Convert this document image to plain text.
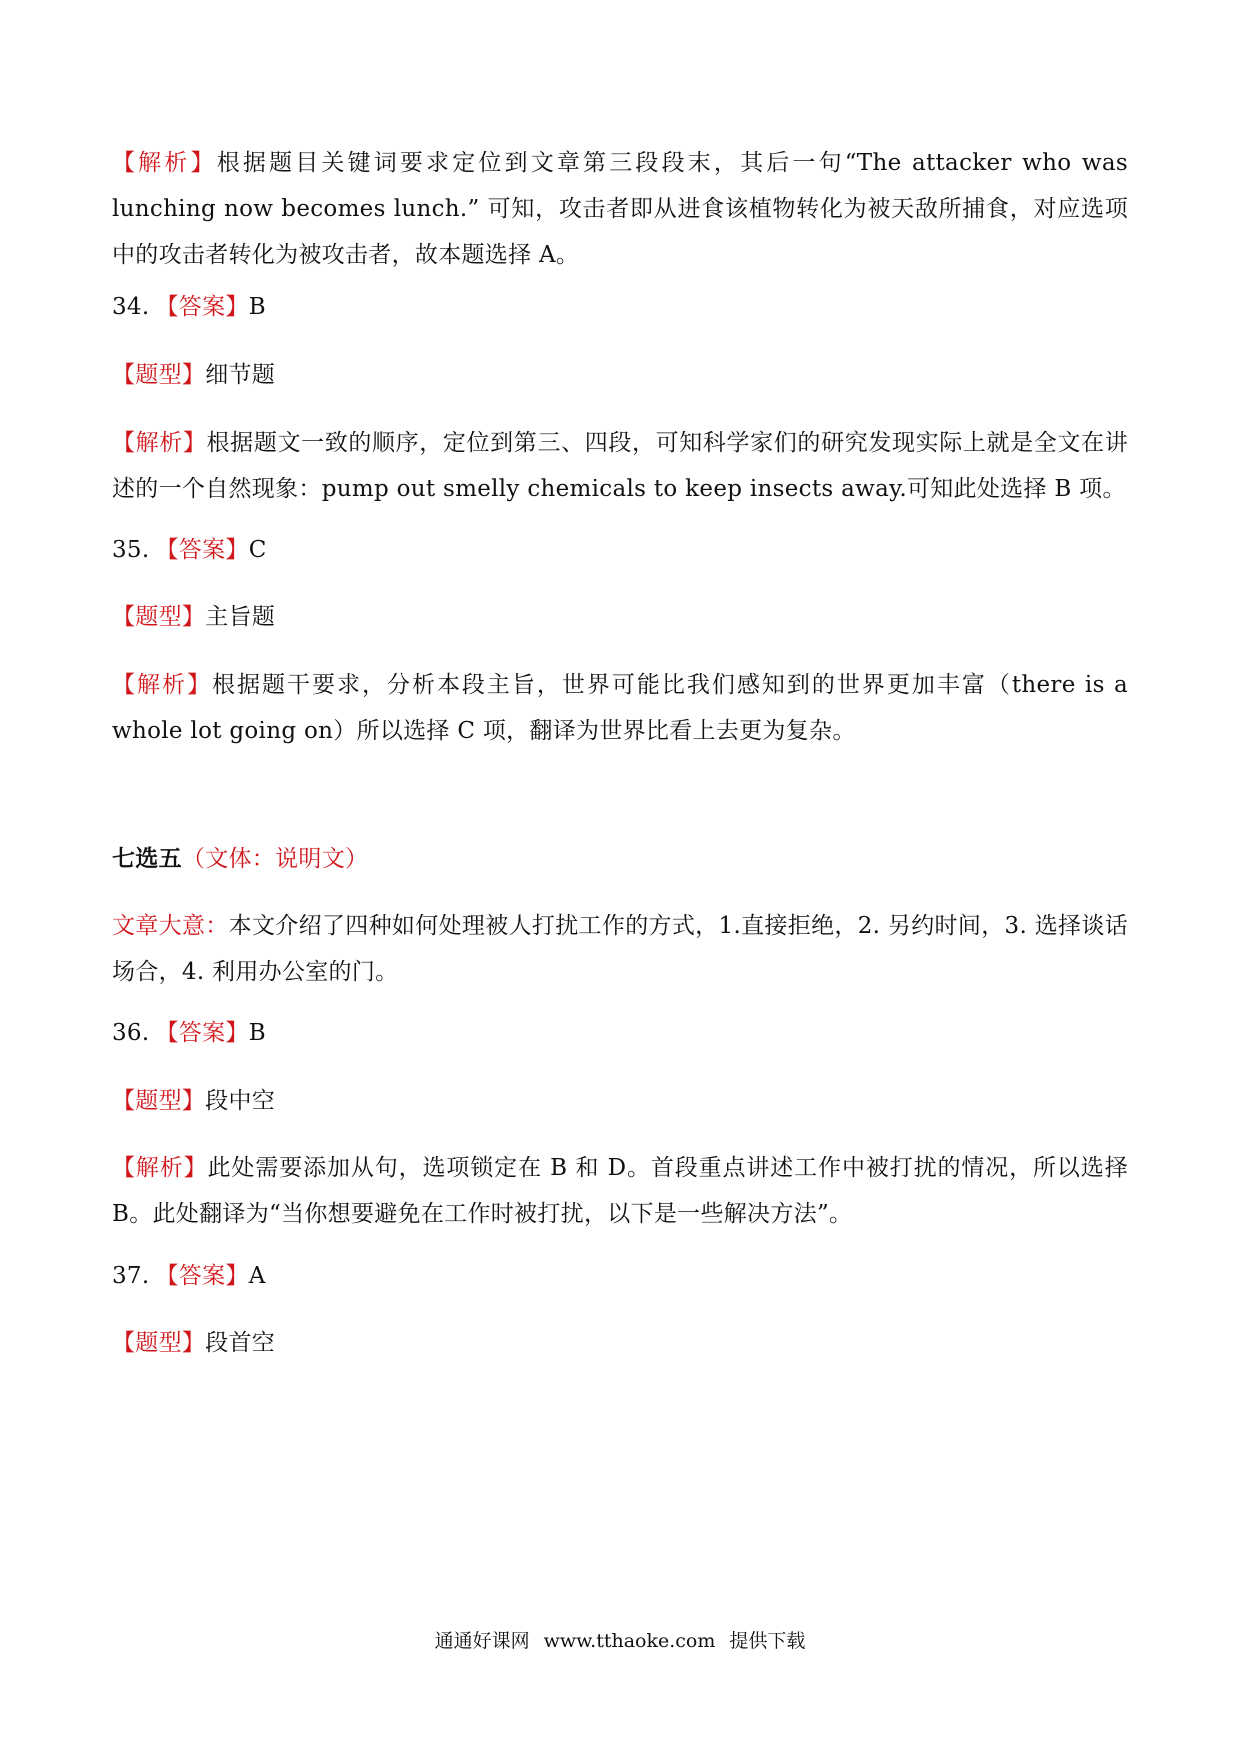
【解析】根据题目关键词要求定位到文章第三段段末，其后一句“The attacker who was lunching now becomes lunch.” 可知，攻击者即从进食该植物转化为被天敌所捕食，对应选项中的攻击者转化为被攻击者，故本题选择 A。
34. 【答案】B
【题型】细节题
【解析】根据题文一致的顺序，定位到第三、四段，可知科学家们的研究发现实际上就是全文在讲述的一个自然现象：pump out smelly chemicals to keep insects away.可知此处选择 B 项。
35. 【答案】C
【题型】主旨题
【解析】根据题干要求，分析本段主旨，世界可能比我们感知到的世界更加丰富（there is a whole lot going on）所以选择 C 项，翻译为世界比看上去更为复杂。
七选五（文体：说明文）
文章大意：本文介绍了四种如何处理被人打扰工作的方式，1.直接拒绝，2. 另约时间，3. 选择谈话场合，4. 利用办公室的门。
36. 【答案】B
【题型】段中空
【解析】此处需要添加从句，选项锁定在 B 和 D。首段重点讲述工作中被打扰的情况，所以选择 B。此处翻译为“当你想要避免在工作时被打扰，以下是一些解决方法”。
37. 【答案】A
【题型】段首空
通通好课网 www.tthaoke.com 提供下载
